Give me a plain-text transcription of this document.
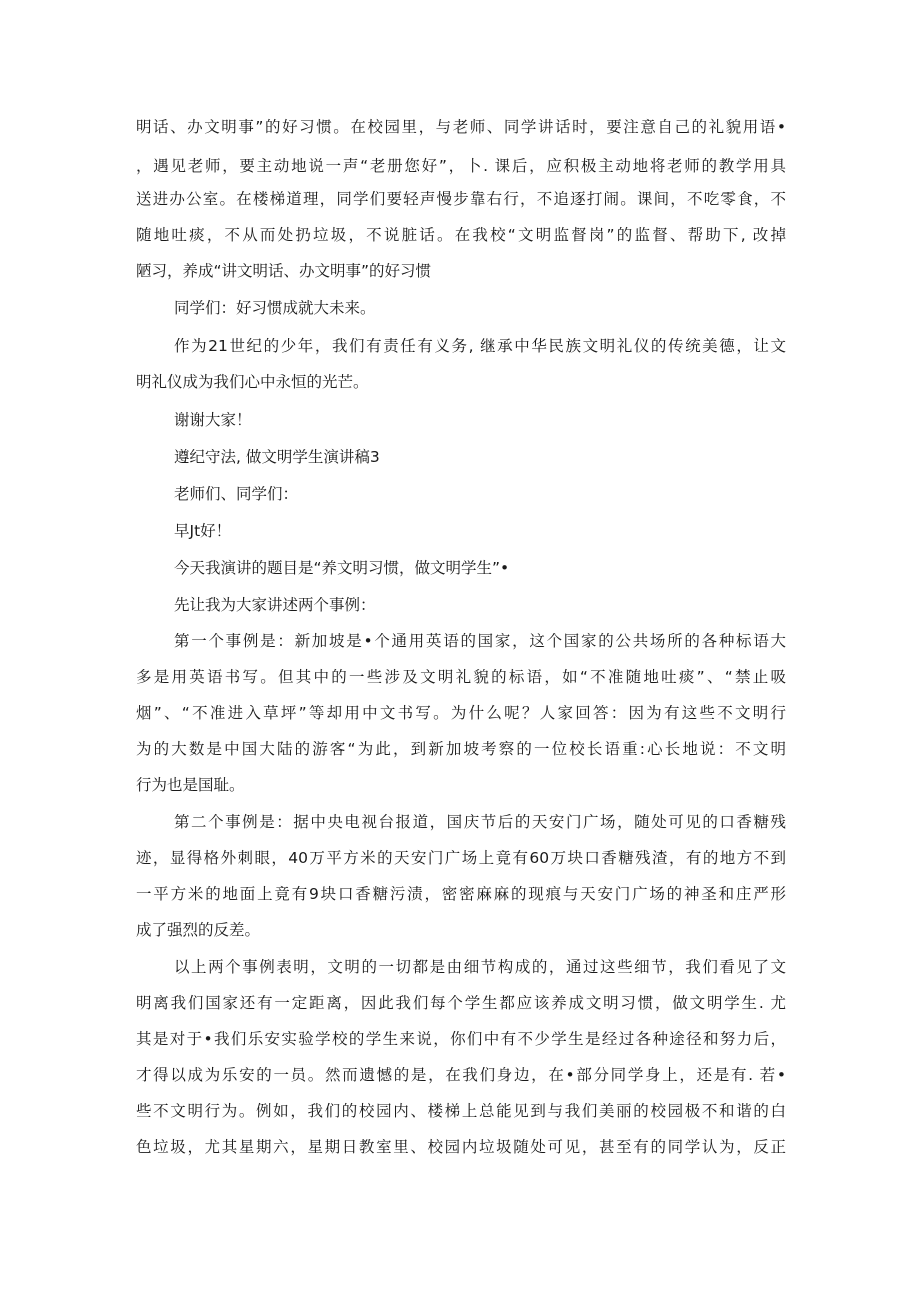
明话、办文明事”的好习惯。在校园里，与老师、同学讲话时，要注意自己的礼貌用语•
，遇见老师，要主动地说一声“老册您好”，卜. 课后，应积极主动地将老师的教学用具
送进办公室。在楼梯道理，同学们要轻声慢步靠右行，不追逐打闹。课间，不吃零食，不
随地吐痰，不从而处扔垃圾，不说脏话。在我校“文明监督岗”的监督、帮助下, 改掉
陋习，养成“讲文明话、办文明事”的好习惯
同学们：好习惯成就大未来。
作为21世纪的少年，我们有责任有义务, 继承中华民族文明礼仪的传统美德，让文
明礼仪成为我们心中永恒的光芒。
谢谢大家！
遵纪守法, 做文明学生演讲稿3
老师们、同学们：
早Jt好！
今天我演讲的题目是“养文明习惯，做文明学生”•
先让我为大家讲述两个事例：
第一个事例是：新加坡是•个通用英语的国家，这个国家的公共场所的各种标语大
多是用英语书写。但其中的一些涉及文明礼貌的标语，如“不准随地吐痰”、“禁止吸
烟”、“不准进入草坪”等却用中文书写。为什么呢？人家回答：因为有这些不文明行
为的大数是中国大陆的游客“为此，到新加坡考察的一位校长语重:心长地说：不文明
行为也是国耻。
第二个事例是：据中央电视台报道，国庆节后的天安门广场，随处可见的口香糖残
迹，显得格外刺眼，40万平方米的天安门广场上竟有60万块口香糖残渣，有的地方不到
一平方米的地面上竟有9块口香糖污渍，密密麻麻的现痕与天安门广场的神圣和庄严形
成了强烈的反差。
以上两个事例表明，文明的一切都是由细节构成的，通过这些细节，我们看见了文
明离我们国家还有一定距离，因此我们每个学生都应该养成文明习惯，做文明学生. 尤
其是对于•我们乐安实验学校的学生来说，你们中有不少学生是经过各种途径和努力后，
才得以成为乐安的一员。然而遗憾的是，在我们身边，在•部分同学身上，还是有. 若•
些不文明行为。例如，我们的校园内、楼梯上总能见到与我们美丽的校园极不和谐的白
色垃圾，尤其星期六，星期日教室里、校园内垃圾随处可见，甚至有的同学认为，反正
